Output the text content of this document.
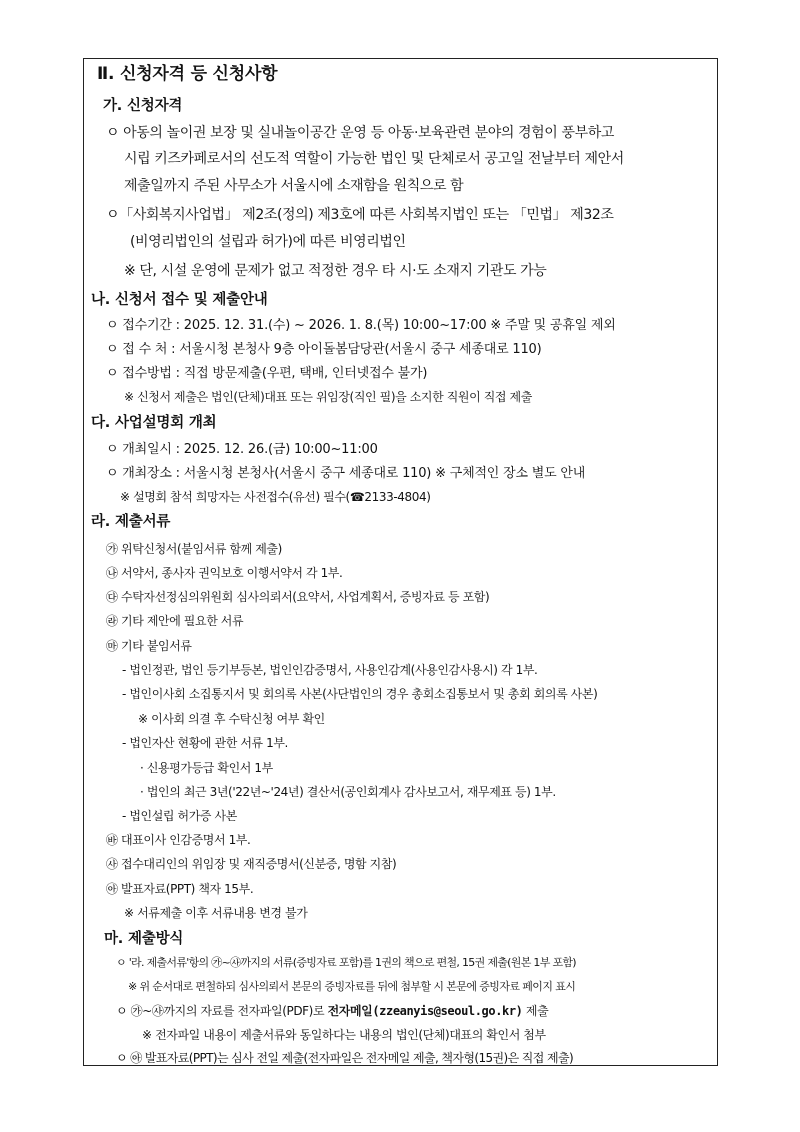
Ⅱ. 신청자격 등 신청사항
가. 신청자격
ㅇ 아동의 놀이권 보장 및 실내놀이공간 운영 등 아동·보육관련 분야의 경험이 풍부하고
시립 키즈카페로서의 선도적 역할이 가능한 법인 및 단체로서 공고일 전날부터 제안서
제출일까지 주된 사무소가 서울시에 소재함을 원칙으로 함
ㅇ「사회복지사업법」 제2조(정의) 제3호에 따른 사회복지법인 또는 「민법」 제32조
(비영리법인의 설립과 허가)에 따른 비영리법인
※ 단, 시설 운영에 문제가 없고 적정한 경우 타 시·도 소재지 기관도 가능
나. 신청서 접수 및 제출안내
ㅇ 접수기간 : 2025. 12. 31.(수) ~ 2026. 1. 8.(목) 10:00~17:00 ※ 주말 및 공휴일 제외
ㅇ 접 수 처 : 서울시청 본청사 9층 아이돌봄담당관(서울시 중구 세종대로 110)
ㅇ 접수방법 : 직접 방문제출(우편, 택배, 인터넷접수 불가)
※ 신청서 제출은 법인(단체)대표 또는 위임장(직인 필)을 소지한 직원이 직접 제출
다. 사업설명회 개최
ㅇ 개최일시 : 2025. 12. 26.(금) 10:00~11:00
ㅇ 개최장소 : 서울시청 본청사(서울시 중구 세종대로 110) ※ 구체적인 장소 별도 안내
※ 설명회 참석 희망자는 사전접수(유선) 필수(☎2133-4804)
라. 제출서류
㉮ 위탁신청서(붙임서류 함께 제출)
㉯ 서약서, 종사자 권익보호 이행서약서 각 1부.
㉰ 수탁자선정심의위원회 심사의뢰서(요약서, 사업계획서, 증빙자료 등 포함)
㉱ 기타 제안에 필요한 서류
㉲ 기타 붙임서류
- 법인정관, 법인 등기부등본, 법인인감증명서, 사용인감계(사용인감사용시) 각 1부.
- 법인이사회 소집통지서 및 회의록 사본(사단법인의 경우 총회소집통보서 및 총회 회의록 사본)
※ 이사회 의결 후 수탁신청 여부 확인
- 법인자산 현황에 관한 서류 1부.
· 신용평가등급 확인서 1부
· 법인의 최근 3년('22년~'24년) 결산서(공인회계사 감사보고서, 재무제표 등) 1부.
- 법인설립 허가증 사본
㉳ 대표이사 인감증명서 1부.
㉴ 접수대리인의 위임장 및 재직증명서(신분증, 명함 지참)
㉵ 발표자료(PPT) 책자 15부.
※ 서류제출 이후 서류내용 변경 불가
마. 제출방식
ㅇ '라. 제출서류'항의 ㉮~㉴까지의 서류(증빙자료 포함)를 1권의 책으로 편철, 15권 제출(원본 1부 포함)
※ 위 순서대로 편철하되 심사의뢰서 본문의 증빙자료를 뒤에 첨부할 시 본문에 증빙자료 페이지 표시
ㅇ ㉮~㉴까지의 자료를 전자파일(PDF)로 전자메일(zzeanyis@seoul.go.kr) 제출
※ 전자파일 내용이 제출서류와 동일하다는 내용의 법인(단체)대표의 확인서 첨부
ㅇ ㉵ 발표자료(PPT)는 심사 전일 제출(전자파일은 전자메일 제출, 책자형(15권)은 직접 제출)
